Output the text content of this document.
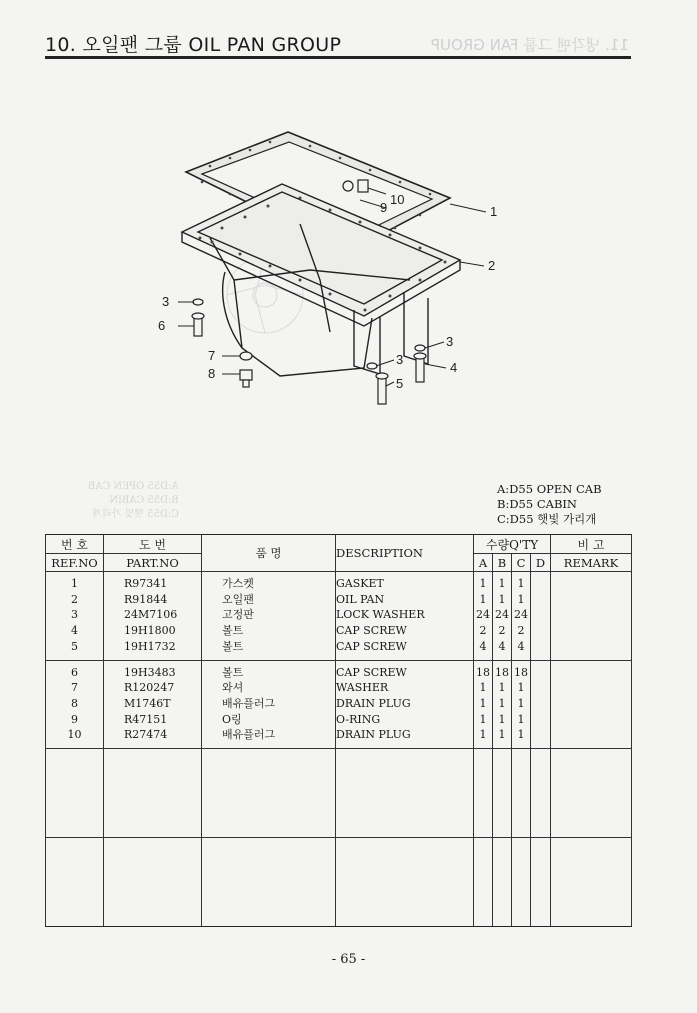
10. 오일팬 그룹 OIL PAN GROUP	11. 냉각팬 그룹 FAN GROUP
1
2
3
3
3
4
5
6
7
8
9
10
A:D55 OPEN CAB
B:D55 CABIN
C:D55 햇빛 가리개
A:D55 OPEN CAB
B:D55 CABIN
C:D55 햇빛 가리개
번 호	도 번	품 명	DESCRIPTION	수량Q'TY				비 고
REF.NO	PART.NO			A	B	C	D	REMARK
1	R97341	가스켓	GASKET	1	1	1		
2	R91844	오일팬	OIL PAN	1	1	1		
3	24M7106	고정판	LOCK WASHER	24	24	24		
4	19H1800	볼트	CAP SCREW	2	2	2		
5	19H1732	볼트	CAP SCREW	4	4	4		
6	19H3483	볼트	CAP SCREW	18	18	18		
7	R120247	와셔	WASHER	1	1	1		
8	M1746T	배유플러그	DRAIN PLUG	1	1	1		
9	R47151	O링	O-RING	1	1	1		
10	R27474	배유플러그	DRAIN PLUG	1	1	1		

- 65 -
